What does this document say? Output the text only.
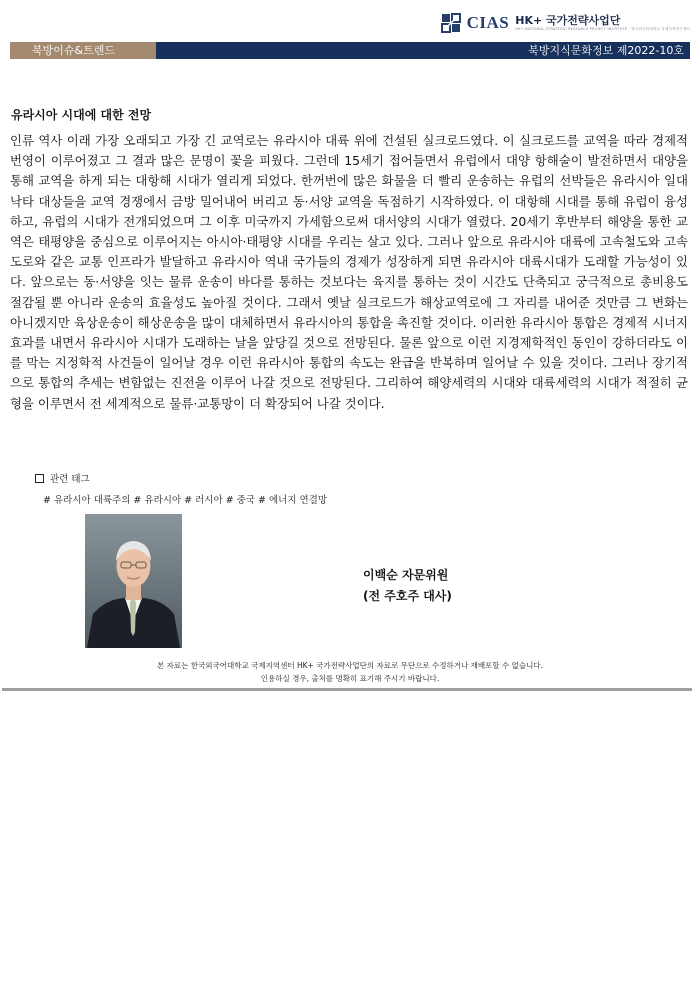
CIAS HK+ 국가전략사업단
HK+ NATIONAL STRATEGIC RESEARCH PROJECT INSTITUTE · 한국외국어대학교 국제지역연구센터
북방이슈&트렌드	북방지식문화정보 제2022-10호
유라시아 시대에 대한 전망

인류 역사 이래 가장 오래되고 가장 긴 교역로는 유라시아 대륙 위에 건설된 실크로드였다. 이 실크로드를 교역을 따라 경제적 번영이 이루어졌고 그 결과 많은 문명이 꽃을 피웠다. 그런데 15세기 접어들면서 유럽에서 대양 항해술이 발전하면서 대양을 통해 교역을 하게 되는 대항해 시대가 열리게 되었다. 한꺼번에 많은 화물을 더 빨리 운송하는 유럽의 선박들은 유라시아 일대 낙타 대상들을 교역 경쟁에서 금방 밀어내어 버리고 동·서양 교역을 독점하기 시작하였다. 이 대항해 시대를 통해 유럽이 융성하고, 유럽의 시대가 전개되었으며 그 이후 미국까지 가세함으로써 대서양의 시대가 열렸다. 20세기 후반부터 해양을 통한 교역은 태평양을 중심으로 이루어지는 아시아·태평양 시대를 우리는 살고 있다. 그러나 앞으로 유라시아 대륙에 고속철도와 고속도로와 같은 교통 인프라가 발달하고 유라시아 역내 국가들의 경제가 성장하게 되면 유라시아 대륙시대가 도래할 가능성이 있다. 앞으로는 동·서양을 잇는 물류 운송이 바다를 통하는 것보다는 육지를 통하는 것이 시간도 단축되고 궁극적으로 총비용도 절감될 뿐 아니라 운송의 효율성도 높아질 것이다. 그래서 옛날 실크로드가 해상교역로에 그 자리를 내어준 것만큼 그 변화는 아니겠지만 육상운송이 해상운송을 많이 대체하면서 유라시아의 통합을 촉진할 것이다. 이러한 유라시아 통합은 경제적 시너지 효과를 내면서 유라시아 시대가 도래하는 날을 앞당길 것으로 전망된다. 물론 앞으로 이런 지경제학적인 동인이 강하더라도 이를 막는 지정학적 사건들이 일어날 경우 이런 유라시아 통합의 속도는 완급을 반복하며 일어날 수 있을 것이다. 그러나 장기적으로 통합의 추세는 변함없는 진전을 이루어 나갈 것으로 전망된다. 그리하여 해양세력의 시대와 대륙세력의 시대가 적절히 균형을 이루면서 전 세계적으로 물류·교통망이 더 확장되어 나갈 것이다.

관련 태그
# 유라시아 대륙주의 # 유라시아 # 러시아 # 중국 # 에너지 연결망
이백순 자문위원
(전 주호주 대사)
본 자료는 한국외국어대학교 국제지역센터 HK+ 국가전략사업단의 자료로 무단으로 수정하거나 재배포할 수 없습니다.
인용하실 경우, 출처를 명확히 표기해 주시기 바랍니다.
